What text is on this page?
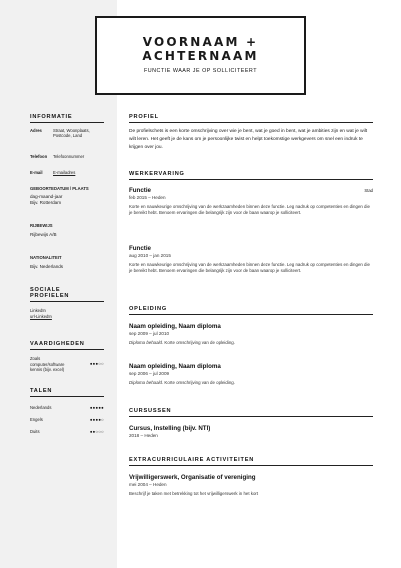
VOORNAAM +
ACHTERNAAM
FUNCTIE WAAR JE OP SOLLICITEERT
INFORMATIE
Adres	Straat, Woonplaats,
Postcode, Land
Telefoon	Telefoonnummer
E-mail	E-mailadres
GEBOORTEDATUM / PLAATS
dag-maand-jaar
Bijv. Rotterdam
RIJBEWIJS
Rijbewijs A/B
NATIONALITEIT
Bijv. Nederlands
SOCIALE
PROFIELEN
LinkedIn
url-LinkedIn
VAARDIGHEDEN
Zoals
computer/software
kennis (bijv. excel)
●●●○○
TALEN
Nederlands	●●●●●
Engels	●●●●○
Duits	●●○○○
PROFIEL
De profielschets is een korte omschrijving over wie je bent, wat je goed in bent, wat je ambities zijn en wat je wilt wilt leren. Het geeft je de kans om je persoonlijke twist en helpt toekomstige werkgevers om snel een indruk te krijgen over jou.
WERKERVARING
Functie	Stad
feb 2015 – Heden
Korte en nauwkeurige omschrijving van de werkzaamheden binnen deze functie. Leg nadruk op competenties en dingen die je bereikt hebt. Benoem ervaringen die belangrijk zijn voor de baan waarop je solliciteert.
Functie
aug 2010 – jan 2015
Korte en nauwkeurige omschrijving van de werkzaamheden binnen deze functie. Leg nadruk op competenties en dingen die je bereikt hebt. Benoem ervaringen die belangrijk zijn voor de baan waarop je solliciteert.
OPLEIDING
Naam opleiding, Naam diploma
sep 2009 – jul 2010
Diploma behaald. Korte omschrijving van de opleiding.
Naam opleiding, Naam diploma
sep 2006 – jul 2009
Diploma behaald. Korte omschrijving van de opleiding.
CURSUSSEN
Cursus, Instelling (bijv. NTI)
2018 – Heden
EXTRACURRICULAIRE ACTIVITEITEN
Vrijwilligerswerk, Organisatie of vereniging
mei 2004 – Heden
Beschrijf je taken met betrekking tot het vrijwilligerswerk in het kort
